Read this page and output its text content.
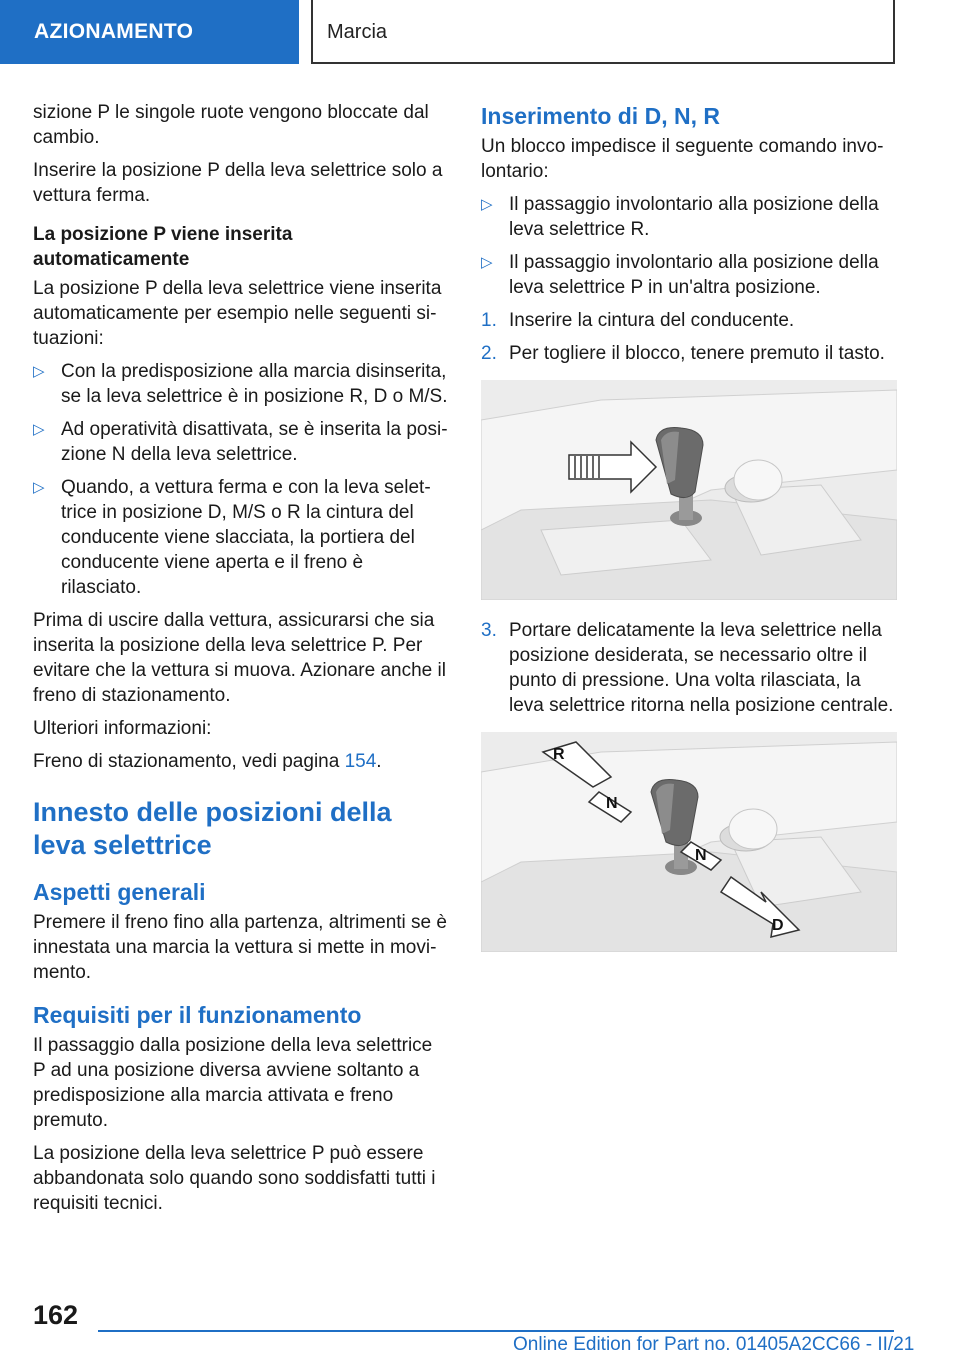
AZIONAMENTO	Marcia

sizione P le singole ruote vengono bloccate dal cambio.

Inserire la posizione P della leva selettrice solo a vettura ferma.

La posizione P viene inserita automaticamente

La posizione P della leva selettrice viene inserita automaticamente per esempio nelle seguenti situazioni:

▷ Con la predisposizione alla marcia disinserita, se la leva selettrice è in posizione R, D o M/S.
▷ Ad operatività disattivata, se è inserita la posizione N della leva selettrice.
▷ Quando, a vettura ferma e con la leva selettrice in posizione D, M/S o R la cintura del conducente viene slacciata, la portiera del conducente viene aperta e il freno è rilasciato.

Prima di uscire dalla vettura, assicurarsi che sia inserita la posizione della leva selettrice P. Per evitare che la vettura si muova. Azionare anche il freno di stazionamento.

Ulteriori informazioni:

Freno di stazionamento, vedi pagina 154.

Innesto delle posizioni della leva selettrice
Aspetti generali

Premere il freno fino alla partenza, altrimenti se è innestata una marcia la vettura si mette in movimento.

Requisiti per il funzionamento

Il passaggio dalla posizione della leva selettrice P ad una posizione diversa avviene soltanto a predisposizione alla marcia attivata e freno premuto.

La posizione della leva selettrice P può essere abbandonata solo quando sono soddisfatti tutti i requisiti tecnici.

Inserimento di D, N, R

Un blocco impedisce il seguente comando involontario:

▷ Il passaggio involontario alla posizione della leva selettrice R.
▷ Il passaggio involontario alla posizione della leva selettrice P in un'altra posizione.
1. Inserire la cintura del conducente.
2. Per togliere il blocco, tenere premuto il tasto.
3. Portare delicatamente la leva selettrice nella posizione desiderata, se necessario oltre il punto di pressione. Una volta rilasciata, la leva selettrice ritorna nella posizione centrale.
R
N
N
D
162
Online Edition for Part no. 01405A2CC66 - II/21
